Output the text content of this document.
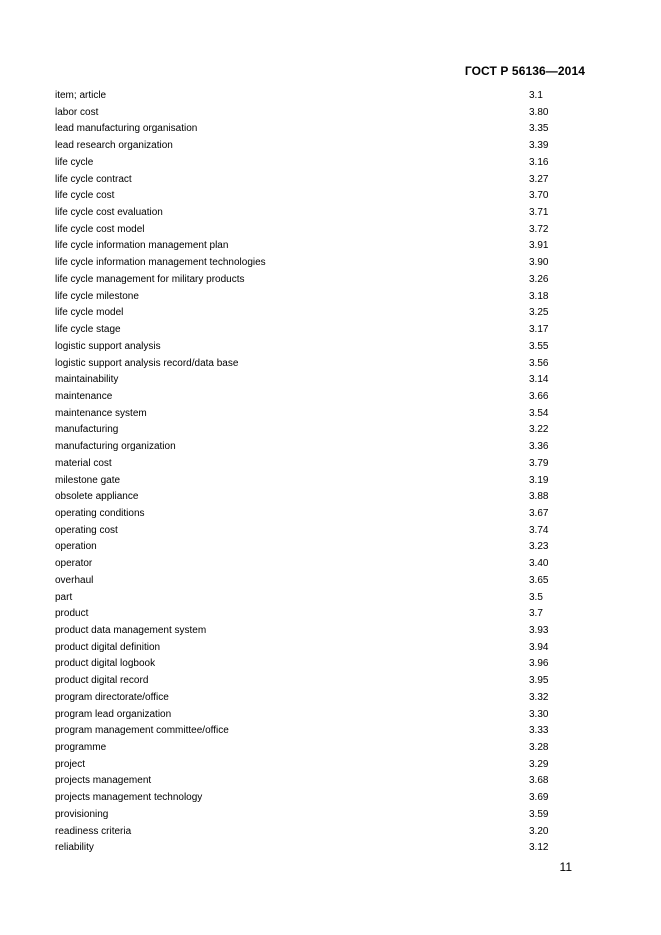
ГОСТ Р 56136—2014
item; article	3.1
labor cost	3.80
lead manufacturing organisation	3.35
lead research organization	3.39
life cycle	3.16
life cycle contract	3.27
life cycle cost	3.70
life cycle cost evaluation	3.71
life cycle cost model	3.72
life cycle information management plan	3.91
life cycle information management technologies	3.90
life cycle management for military products	3.26
life cycle milestone	3.18
life cycle model	3.25
life cycle stage	3.17
logistic support analysis	3.55
logistic support analysis record/data base	3.56
maintainability	3.14
maintenance	3.66
maintenance system	3.54
manufacturing	3.22
manufacturing organization	3.36
material cost	3.79
milestone gate	3.19
obsolete appliance	3.88
operating conditions	3.67
operating cost	3.74
operation	3.23
operator	3.40
overhaul	3.65
part	3.5
product	3.7
product data management system	3.93
product digital definition	3.94
product digital logbook	3.96
product digital record	3.95
program directorate/office	3.32
program lead organization	3.30
program management committee/office	3.33
programme	3.28
project	3.29
projects management	3.68
projects management technology	3.69
provisioning	3.59
readiness criteria	3.20
reliability	3.12
11
